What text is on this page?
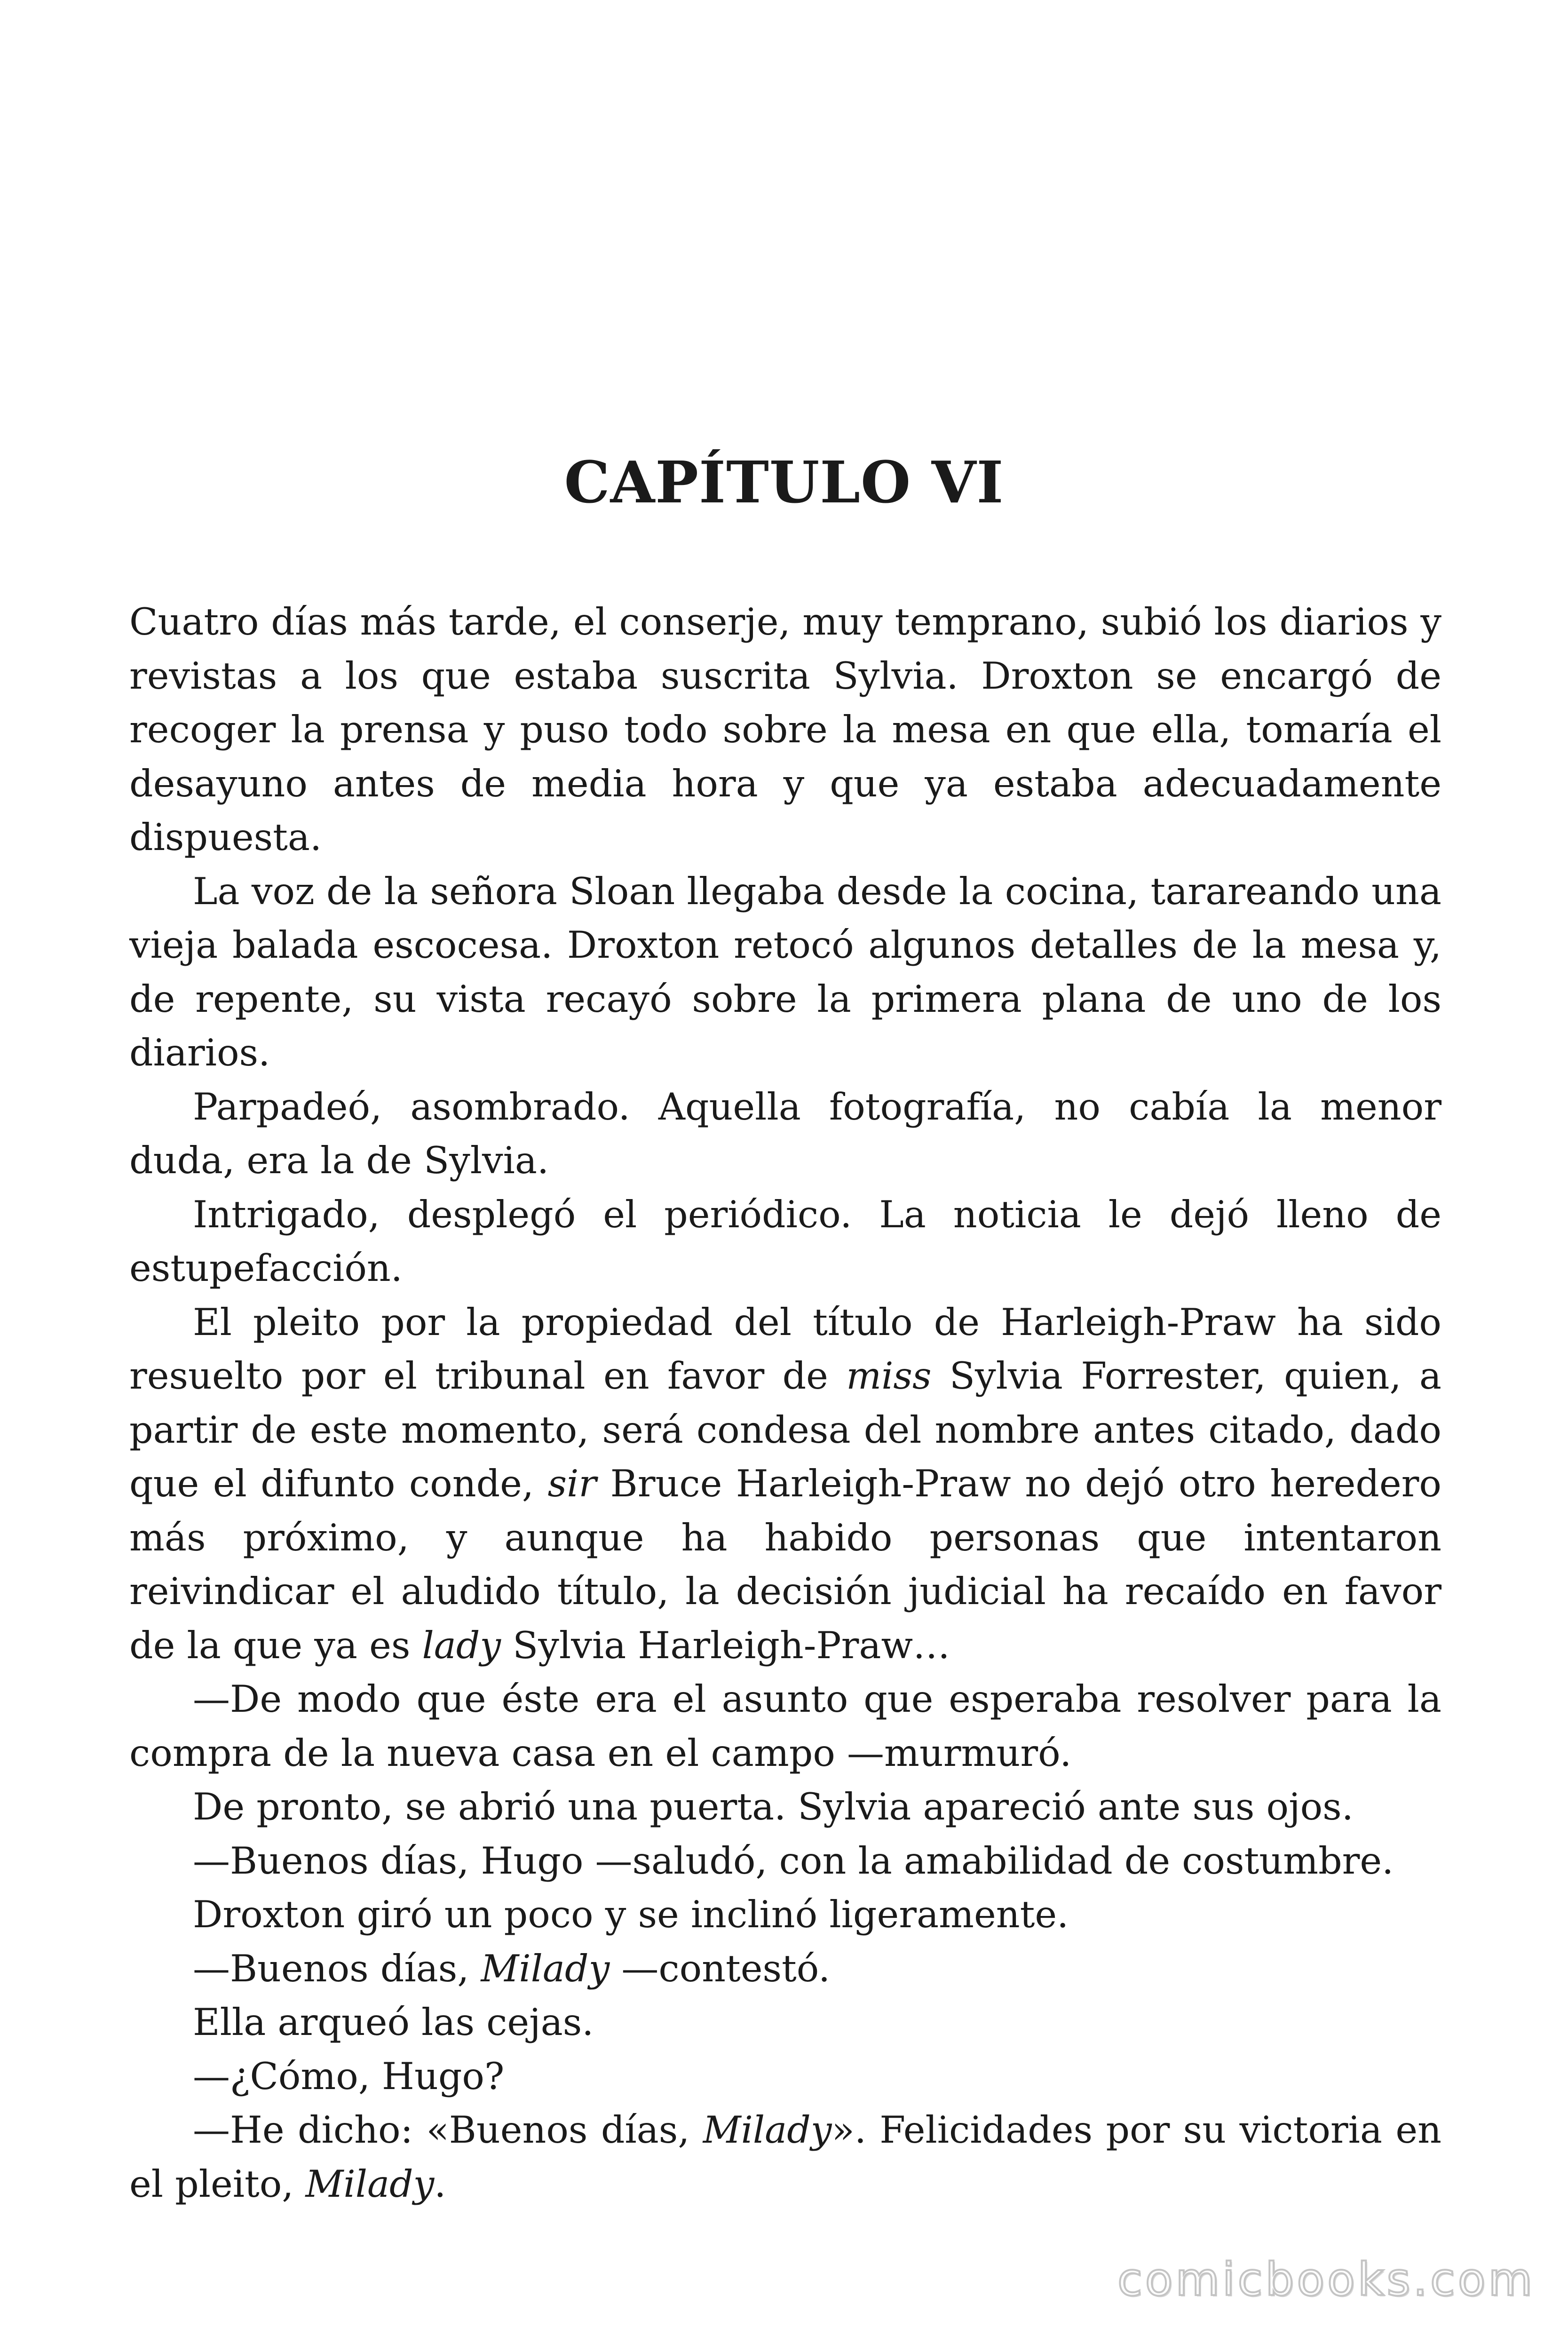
CAPÍTULO VI

Cuatro días más tarde, el conserje, muy temprano, subió los diarios y revistas a los que estaba suscrita Sylvia. Droxton se encargó de recoger la prensa y puso todo sobre la mesa en que ella, tomaría el desayuno antes de media hora y que ya estaba adecuadamente dispuesta.

La voz de la señora Sloan llegaba desde la cocina, tarareando una vieja balada escocesa. Droxton retocó algunos detalles de la mesa y, de repente, su vista recayó sobre la primera plana de uno de los diarios.

Parpadeó, asombrado. Aquella fotografía, no cabía la menor duda, era la de Sylvia.

Intrigado, desplegó el periódico. La noticia le dejó lleno de estupefacción.

El pleito por la propiedad del título de Harleigh-Praw ha sido resuelto por el tribunal en favor de miss Sylvia Forrester, quien, a partir de este momento, será condesa del nombre antes citado, dado que el difunto conde, sir Bruce Harleigh-Praw no dejó otro heredero más próximo, y aunque ha habido personas que intentaron reivindicar el aludido título, la decisión judicial ha recaído en favor de la que ya es lady Sylvia Harleigh-Praw…

—De modo que éste era el asunto que esperaba resolver para la compra de la nueva casa en el campo —murmuró.

De pronto, se abrió una puerta. Sylvia apareció ante sus ojos.

—Buenos días, Hugo —saludó, con la amabilidad de costumbre.

Droxton giró un poco y se inclinó ligeramente.

—Buenos días, Milady —contestó.

Ella arqueó las cejas.

—¿Cómo, Hugo?

—He dicho: «Buenos días, Milady». Felicidades por su victoria en el pleito, Milady.

comicbooks.com
